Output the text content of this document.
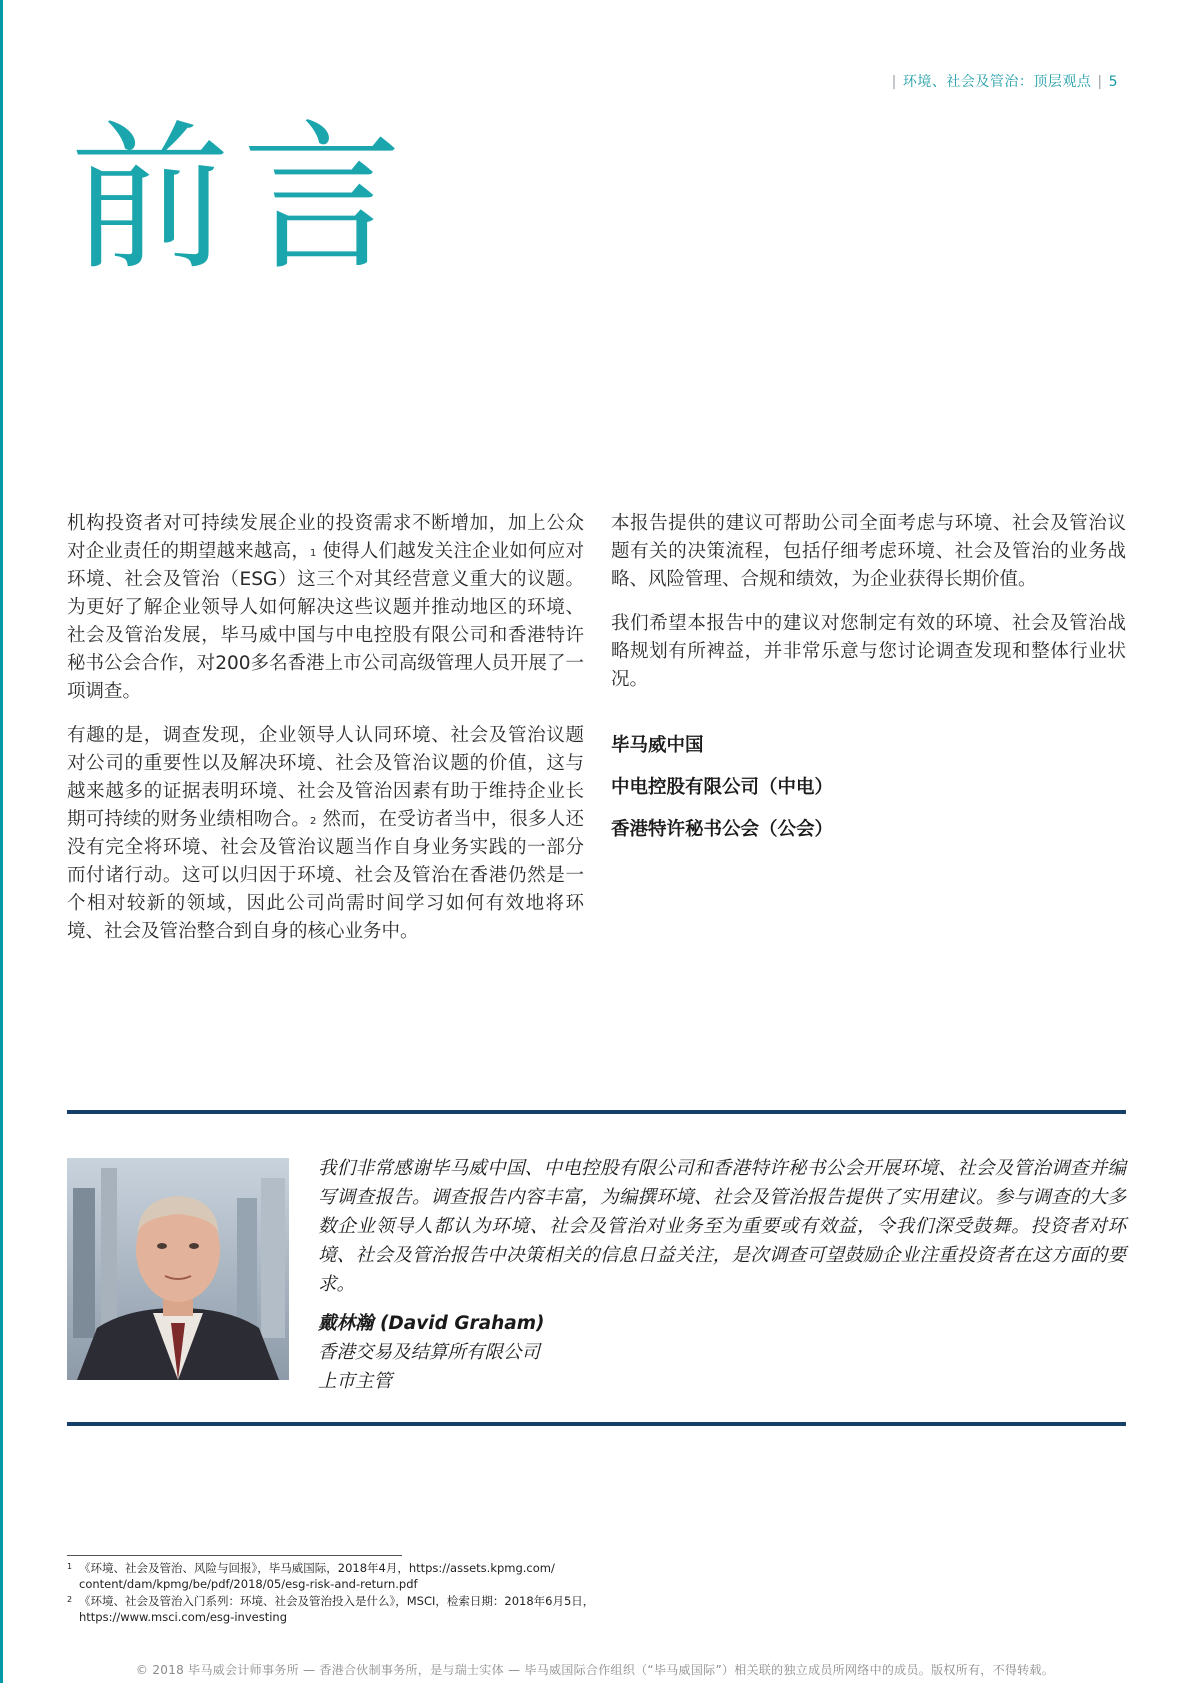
| 环境、社会及管治：顶层观点 | 5
前言

机构投资者对可持续发展企业的投资需求不断增加，加上公众对企业责任的期望越来越高，$^1$ 使得人们越发关注企业如何应对环境、社会及管治（ESG）这三个对其经营意义重大的议题。为更好了解企业领导人如何解决这些议题并推动地区的环境、社会及管治发展，毕马威中国与中电控股有限公司和香港特许秘书公会合作，对200多名香港上市公司高级管理人员开展了一项调查。

有趣的是，调查发现，企业领导人认同环境、社会及管治议题对公司的重要性以及解决环境、社会及管治议题的价值，这与越来越多的证据表明环境、社会及管治因素有助于维持企业长期可持续的财务业绩相吻合。$^2$ 然而，在受访者当中，很多人还没有完全将环境、社会及管治议题当作自身业务实践的一部分而付诸行动。这可以归因于环境、社会及管治在香港仍然是一个相对较新的领域，因此公司尚需时间学习如何有效地将环境、社会及管治整合到自身的核心业务中。

本报告提供的建议可帮助公司全面考虑与环境、社会及管治议题有关的决策流程，包括仔细考虑环境、社会及管治的业务战略、风险管理、合规和绩效，为企业获得长期价值。

我们希望本报告中的建议对您制定有效的环境、社会及管治战略规划有所裨益，并非常乐意与您讨论调查发现和整体行业状况。

毕马威中国
中电控股有限公司（中电）
香港特许秘书公会（公会）

我们非常感谢毕马威中国、中电控股有限公司和香港特许秘书公会开展环境、社会及管治调查并编写调查报告。调查报告内容丰富，为编撰环境、社会及管治报告提供了实用建议。参与调查的大多数企业领导人都认为环境、社会及管治对业务至为重要或有效益，令我们深受鼓舞。投资者对环境、社会及管治报告中决策相关的信息日益关注，是次调查可望鼓励企业注重投资者在这方面的要求。

戴林瀚 (David Graham)
香港交易及结算所有限公司
上市主管
1 《环境、社会及管治、风险与回报》，毕马威国际，2018年4月，https://assets.kpmg.com/
content/dam/kpmg/be/pdf/2018/05/esg-risk-and-return.pdf
2 《环境、社会及管治入门系列：环境、社会及管治投入是什么》，MSCI，检索日期：2018年6月5日，
https://www.msci.com/esg-investing
© 2018 毕马威会计师事务所 — 香港合伙制事务所，是与瑞士实体 — 毕马威国际合作组织（“毕马威国际”）相关联的独立成员所网络中的成员。版权所有，不得转载。
